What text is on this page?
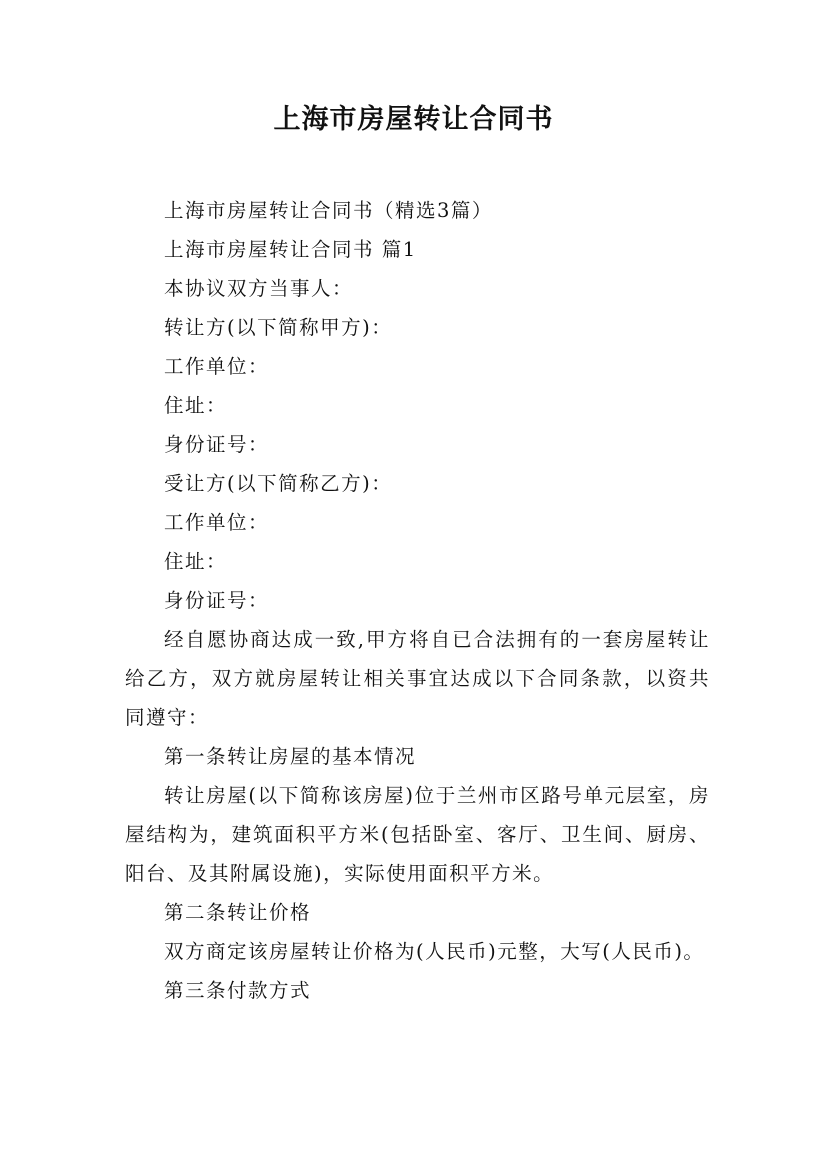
上海市房屋转让合同书

上海市房屋转让合同书（精选3篇）

上海市房屋转让合同书 篇1

本协议双方当事人：

转让方(以下简称甲方)：

工作单位：

住址：

身份证号：

受让方(以下简称乙方)：

工作单位：

住址：

身份证号：

经自愿协商达成一致,甲方将自已合法拥有的一套房屋转让给乙方，双方就房屋转让相关事宜达成以下合同条款，以资共同遵守：

第一条转让房屋的基本情况

转让房屋(以下简称该房屋)位于兰州市区路号单元层室，房屋结构为，建筑面积平方米(包括卧室、客厅、卫生间、厨房、阳台、及其附属设施)，实际使用面积平方米。

第二条转让价格

双方商定该房屋转让价格为(人民币)元整，大写(人民币)。

第三条付款方式
